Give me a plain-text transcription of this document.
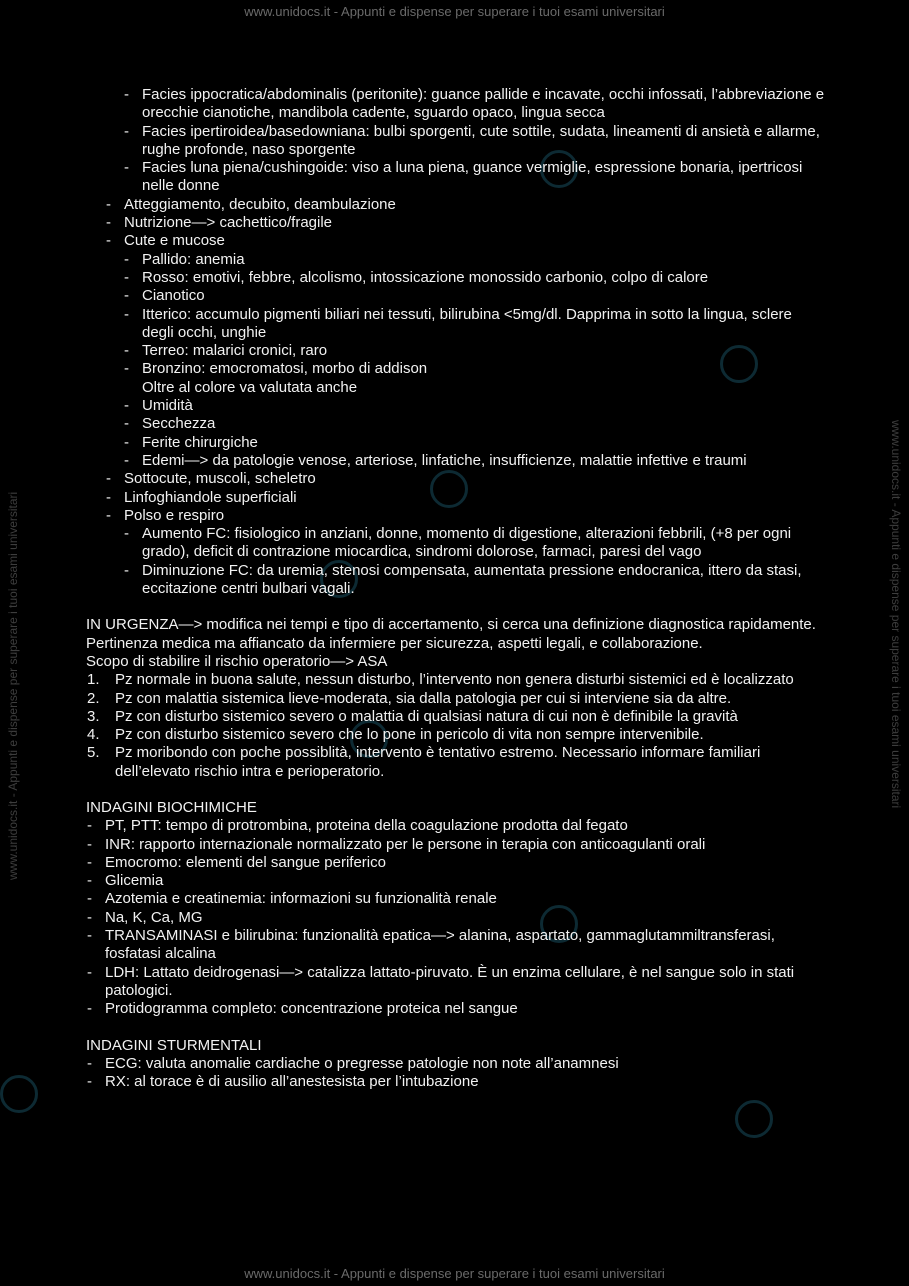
www.unidocs.it - Appunti e dispense per superare i tuoi esami universitari
www.unidocs.it - Appunti e dispense per superare i tuoi esami universitari	www.unidocs.it - Appunti e dispense per superare i tuoi esami universitari
- Facies ippocratica/abdominalis (peritonite): guance pallide e incavate, occhi infossati, l’abbreviazione e orecchie cianotiche, mandibola cadente, sguardo opaco, lingua secca
- Facies ipertiroidea/basedowniana: bulbi sporgenti, cute sottile, sudata, lineamenti di ansietà e allarme, rughe profonde, naso sporgente
- Facies luna piena/cushingoide: viso a luna piena, guance vermiglie, espressione bonaria, ipertricosi nelle donne
- Atteggiamento, decubito, deambulazione
- Nutrizione—> cachettico/fragile
- Cute e mucose
- Pallido: anemia
- Rosso: emotivi, febbre, alcolismo, intossicazione monossido carbonio, colpo di calore
- Cianotico
- Itterico: accumulo pigmenti biliari nei tessuti, bilirubina <5mg/dl. Dapprima in sotto la lingua, sclere degli occhi, unghie
- Terreo: malarici cronici, raro
- Bronzino: emocromatosi, morbo di addison
Oltre al colore va valutata anche
- Umidità
- Secchezza
- Ferite chirurgiche
- Edemi—> da patologie venose, arteriose, linfatiche, insufficienze, malattie infettive e traumi
- Sottocute, muscoli, scheletro
- Linfoghiandole superficiali
- Polso e respiro
- Aumento FC: fisiologico in anziani, donne, momento di digestione, alterazioni febbrili, (+8 per ogni grado), deficit di contrazione miocardica, sindromi dolorose, farmaci, paresi del vago
- Diminuzione FC: da uremia, stenosi compensata, aumentata pressione endocranica, ittero da stasi, eccitazione centri bulbari vagali.
IN URGENZA—> modifica nei tempi e tipo di accertamento, si cerca una definizione diagnostica rapidamente.
Pertinenza medica ma affiancato da infermiere per sicurezza, aspetti legali, e collaborazione.
Scopo di stabilire il rischio operatorio—> ASA
1. Pz normale in buona salute, nessun disturbo, l’intervento non genera disturbi sistemici ed è localizzato
2. Pz con malattia sistemica lieve-moderata, sia dalla patologia per cui si interviene sia da altre.
3. Pz con disturbo sistemico severo o malattia di qualsiasi natura di cui non è definibile la gravità
4. Pz con disturbo sistemico severo che lo pone in pericolo di vita non sempre intervenibile.
5. Pz moribondo con poche possiblità, intervento è tentativo estremo. Necessario informare familiari dell’elevato rischio intra e perioperatorio.
INDAGINI BIOCHIMICHE
- PT, PTT: tempo di protrombina, proteina della coagulazione prodotta dal fegato
- INR: rapporto internazionale normalizzato per le persone in terapia con anticoagulanti orali
- Emocromo: elementi del sangue periferico
- Glicemia
- Azotemia e creatinemia: informazioni su funzionalità renale
- Na, K, Ca, MG
- TRANSAMINASI e bilirubina: funzionalità epatica—> alanina, aspartato, gammaglutammiltransferasi, fosfatasi alcalina
- LDH: Lattato deidrogenasi—> catalizza lattato-piruvato. È un enzima cellulare, è nel sangue solo in stati patologici.
- Protidogramma completo: concentrazione proteica nel sangue
INDAGINI STURMENTALI
- ECG: valuta anomalie cardiache o pregresse patologie non note all’anamnesi
- RX: al torace è di ausilio all’anestesista per l’intubazione
www.unidocs.it - Appunti e dispense per superare i tuoi esami universitari
